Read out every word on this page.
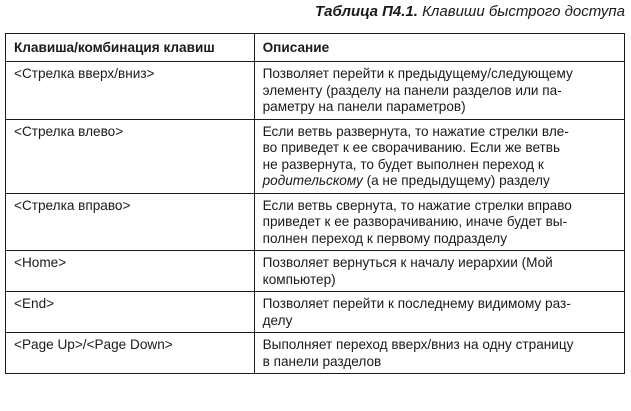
Таблица П4.1. Клавиши быстрого доступа
Клавиша/комбинация клавиш	Описание
<Стрелка вверх/вниз>	Позволяет перейти к предыдущему/следующему
элементу (разделу на панели разделов или па-
раметру на панели параметров)
<Стрелка влево>	Если ветвь развернута, то нажатие стрелки вле-
во приведет к ее сворачиванию. Если же ветвь
не развернута, то будет выполнен переход к
родительскому (а не предыдущему) разделу
<Стрелка вправо>	Если ветвь свернута, то нажатие стрелки вправо
приведет к ее разворачиванию, иначе будет вы-
полнен переход к первому подразделу
<Home>	Позволяет вернуться к началу иерархии (Мой
компьютер)
<End>	Позволяет перейти к последнему видимому раз-
делу
<Page Up>/<Page Down>	Выполняет переход вверх/вниз на одну страницу
в панели разделов
